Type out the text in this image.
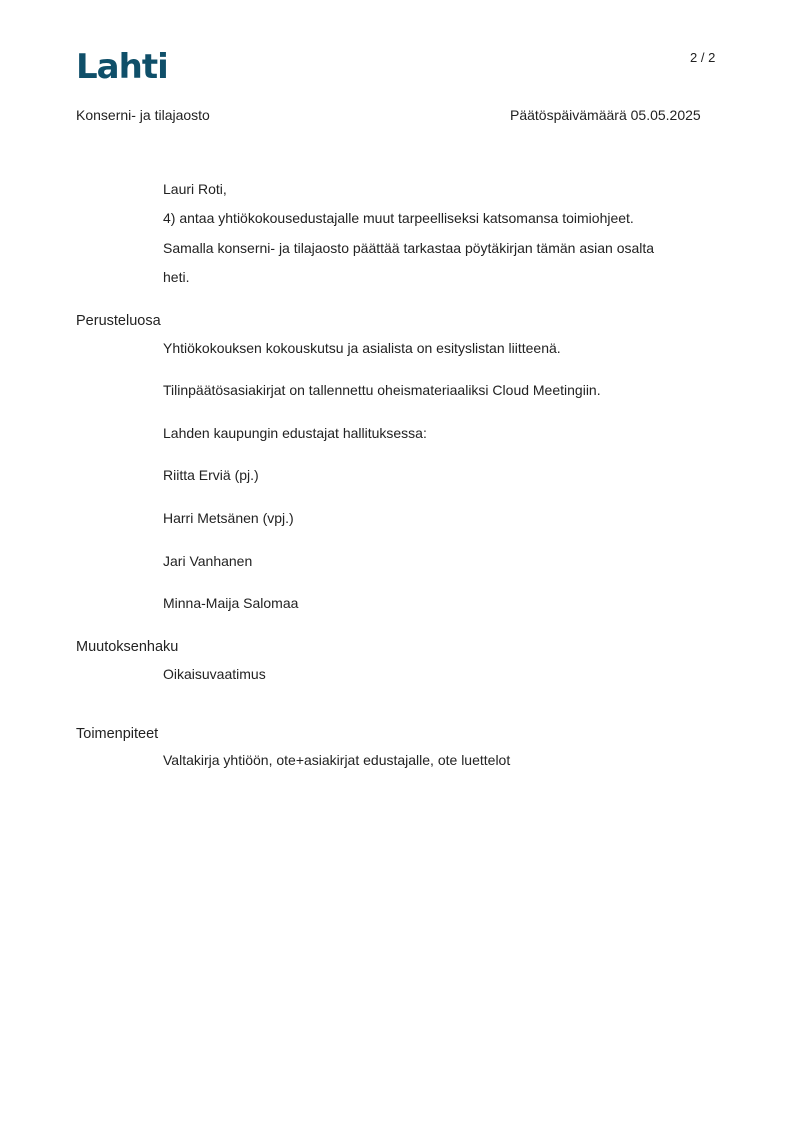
Lahti	2 / 2
Konserni- ja tilajaosto	Päätöspäivämäärä 05.05.2025
Lauri Roti,
4) antaa yhtiökokousedustajalle muut tarpeelliseksi katsomansa toimiohjeet.
Samalla konserni- ja tilajaosto päättää tarkastaa pöytäkirjan tämän asian osalta
heti.
Perusteluosa
Yhtiökokouksen kokouskutsu ja asialista on esityslistan liitteenä.
Tilinpäätösasiakirjat on tallennettu oheismateriaaliksi Cloud Meetingiin.
Lahden kaupungin edustajat hallituksessa:
Riitta Erviä (pj.)
Harri Metsänen (vpj.)
Jari Vanhanen
Minna-Maija Salomaa
Muutoksenhaku
Oikaisuvaatimus
Toimenpiteet
Valtakirja yhtiöön, ote+asiakirjat edustajalle, ote luettelot
